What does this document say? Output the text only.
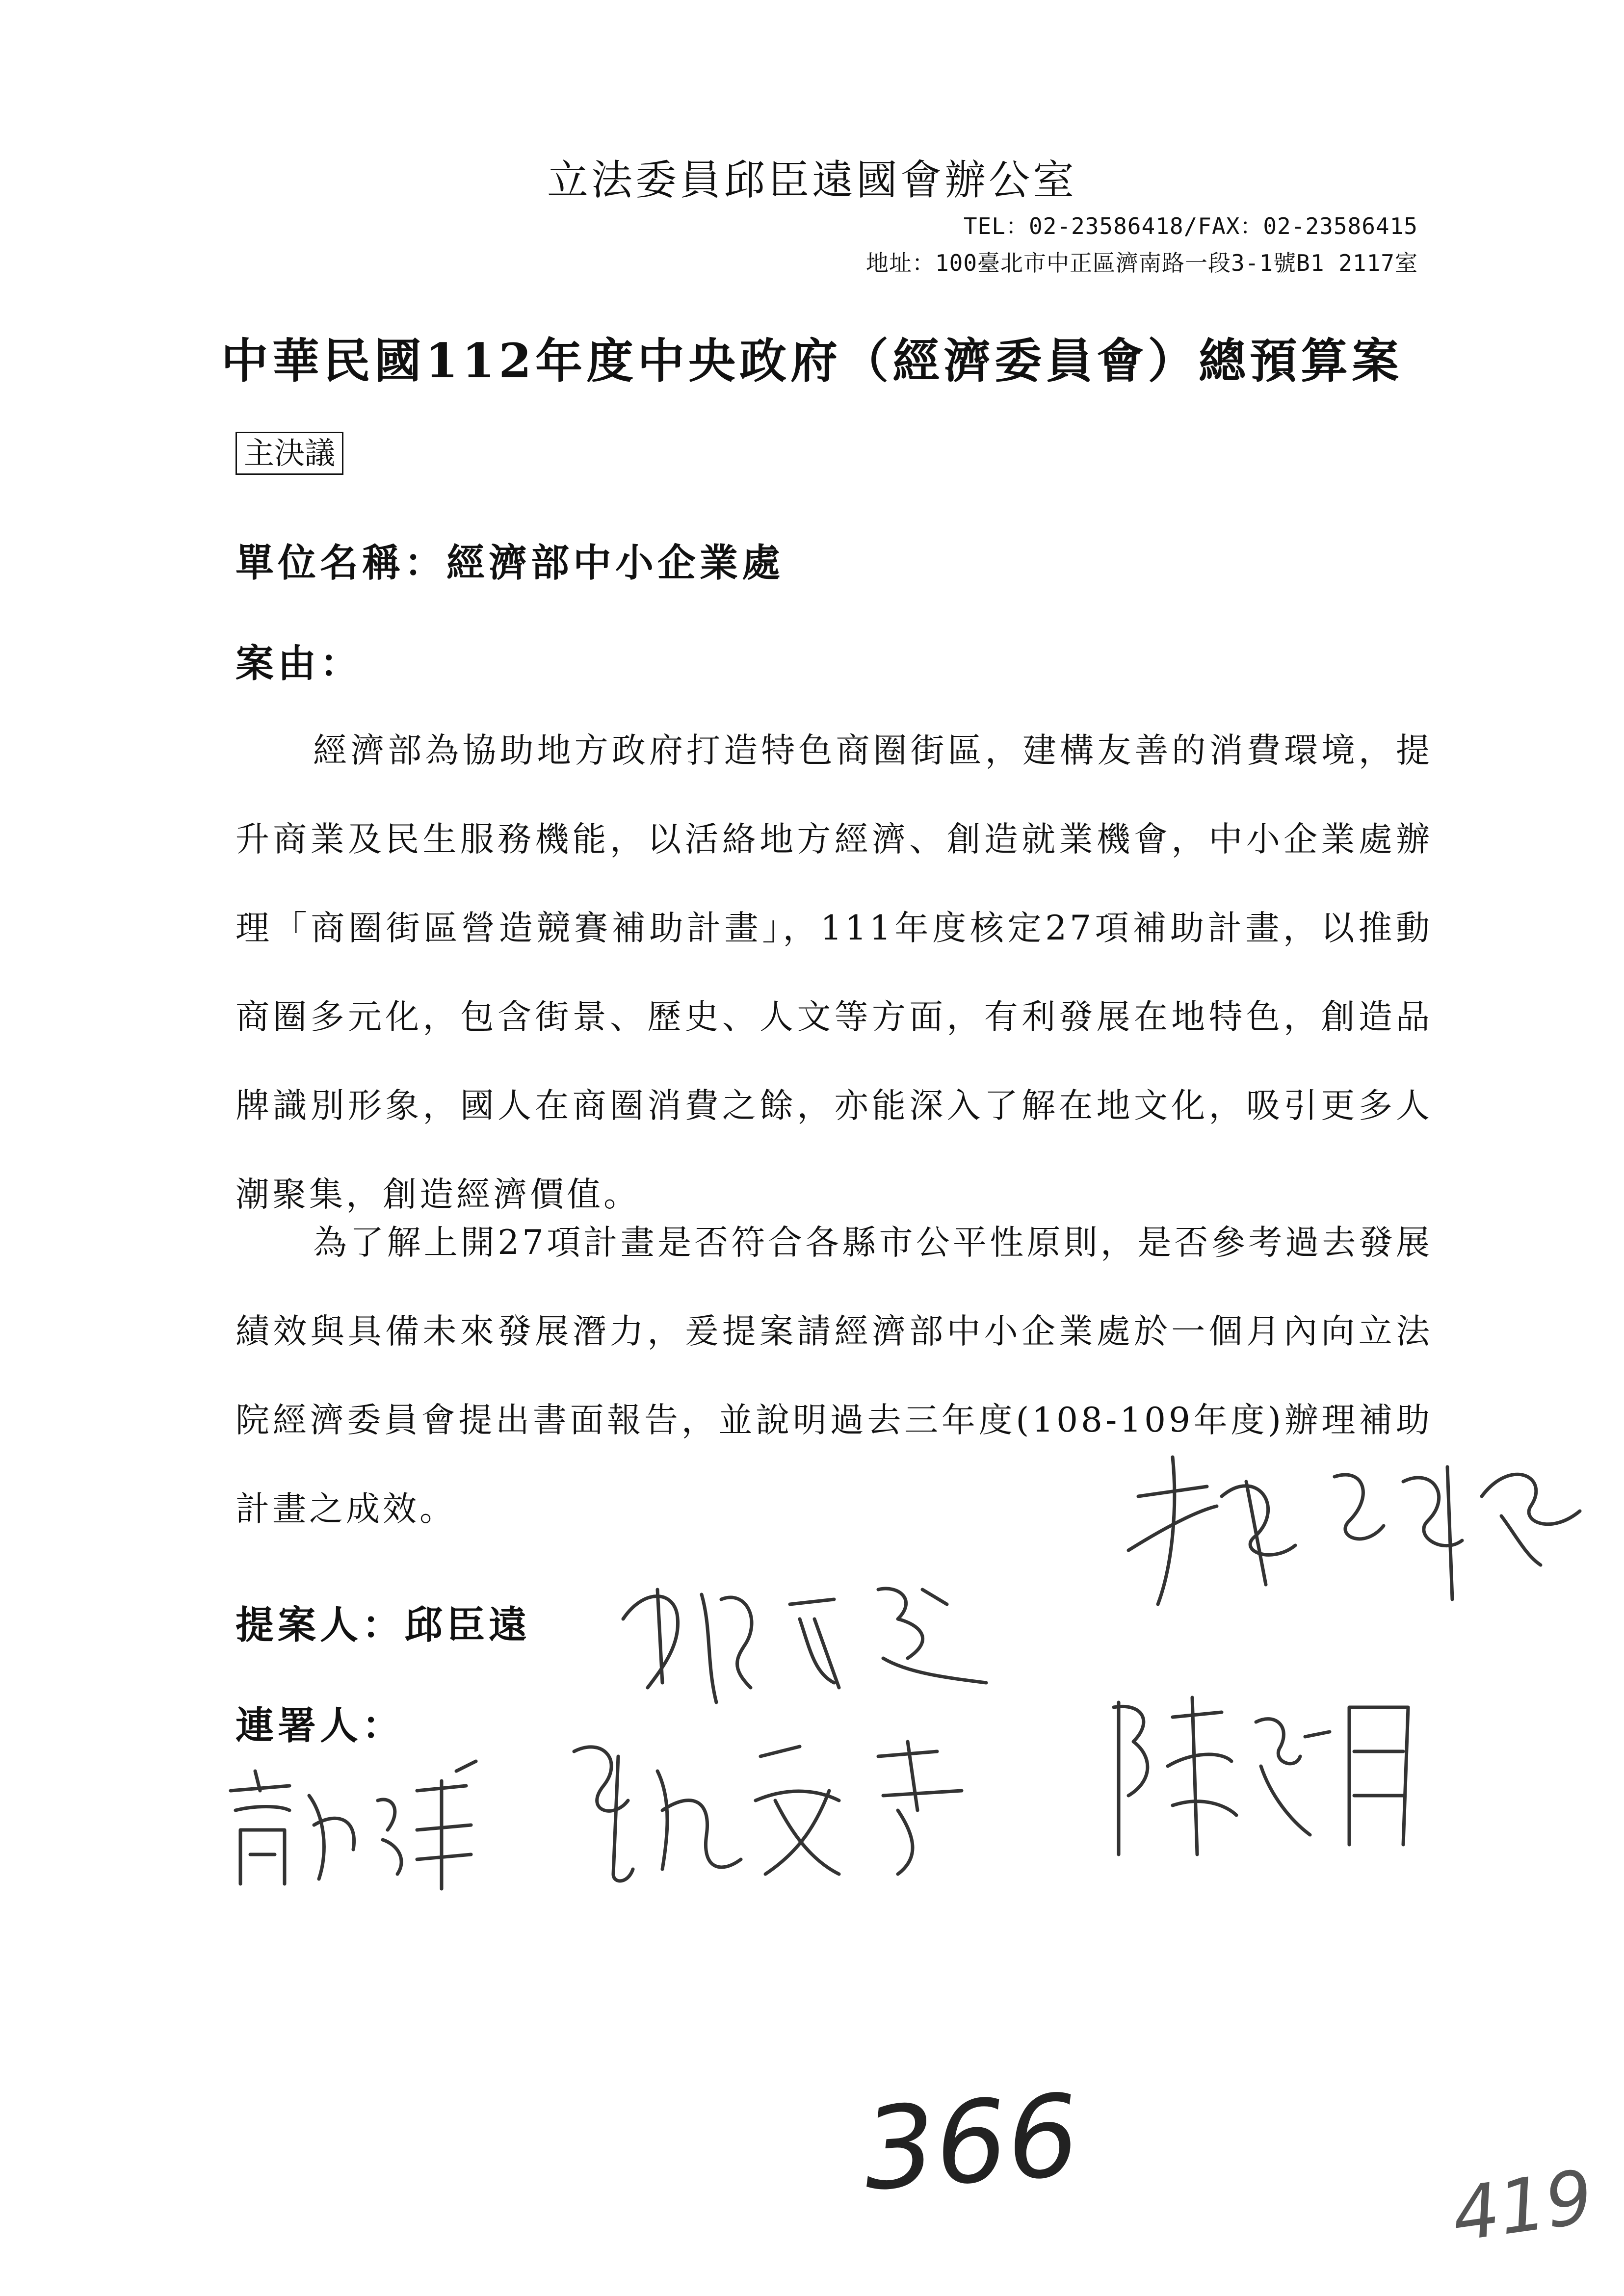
立法委員邱臣遠國會辦公室
TEL：02-23586418/FAX：02-23586415
地址：100臺北市中正區濟南路一段3-1號B1 2117室
中華民國112年度中央政府（經濟委員會）總預算案
主決議
單位名稱：經濟部中小企業處
案由：
經濟部為協助地方政府打造特色商圈街區，建構友善的消費環境，提升商業及民生服務機能，以活絡地方經濟、創造就業機會，中小企業處辦理「商圈街區營造競賽補助計畫」，111年度核定27項補助計畫，以推動商圈多元化，包含街景、歷史、人文等方面，有利發展在地特色，創造品牌識別形象，國人在商圈消費之餘，亦能深入了解在地文化，吸引更多人潮聚集，創造經濟價值。
為了解上開27項計畫是否符合各縣市公平性原則，是否參考過去發展績效與具備未來發展潛力，爰提案請經濟部中小企業處於一個月內向立法院經濟委員會提出書面報告，並說明過去三年度(108-109年度)辦理補助計畫之成效。
提案人：邱臣遠
連署人：
366	419
